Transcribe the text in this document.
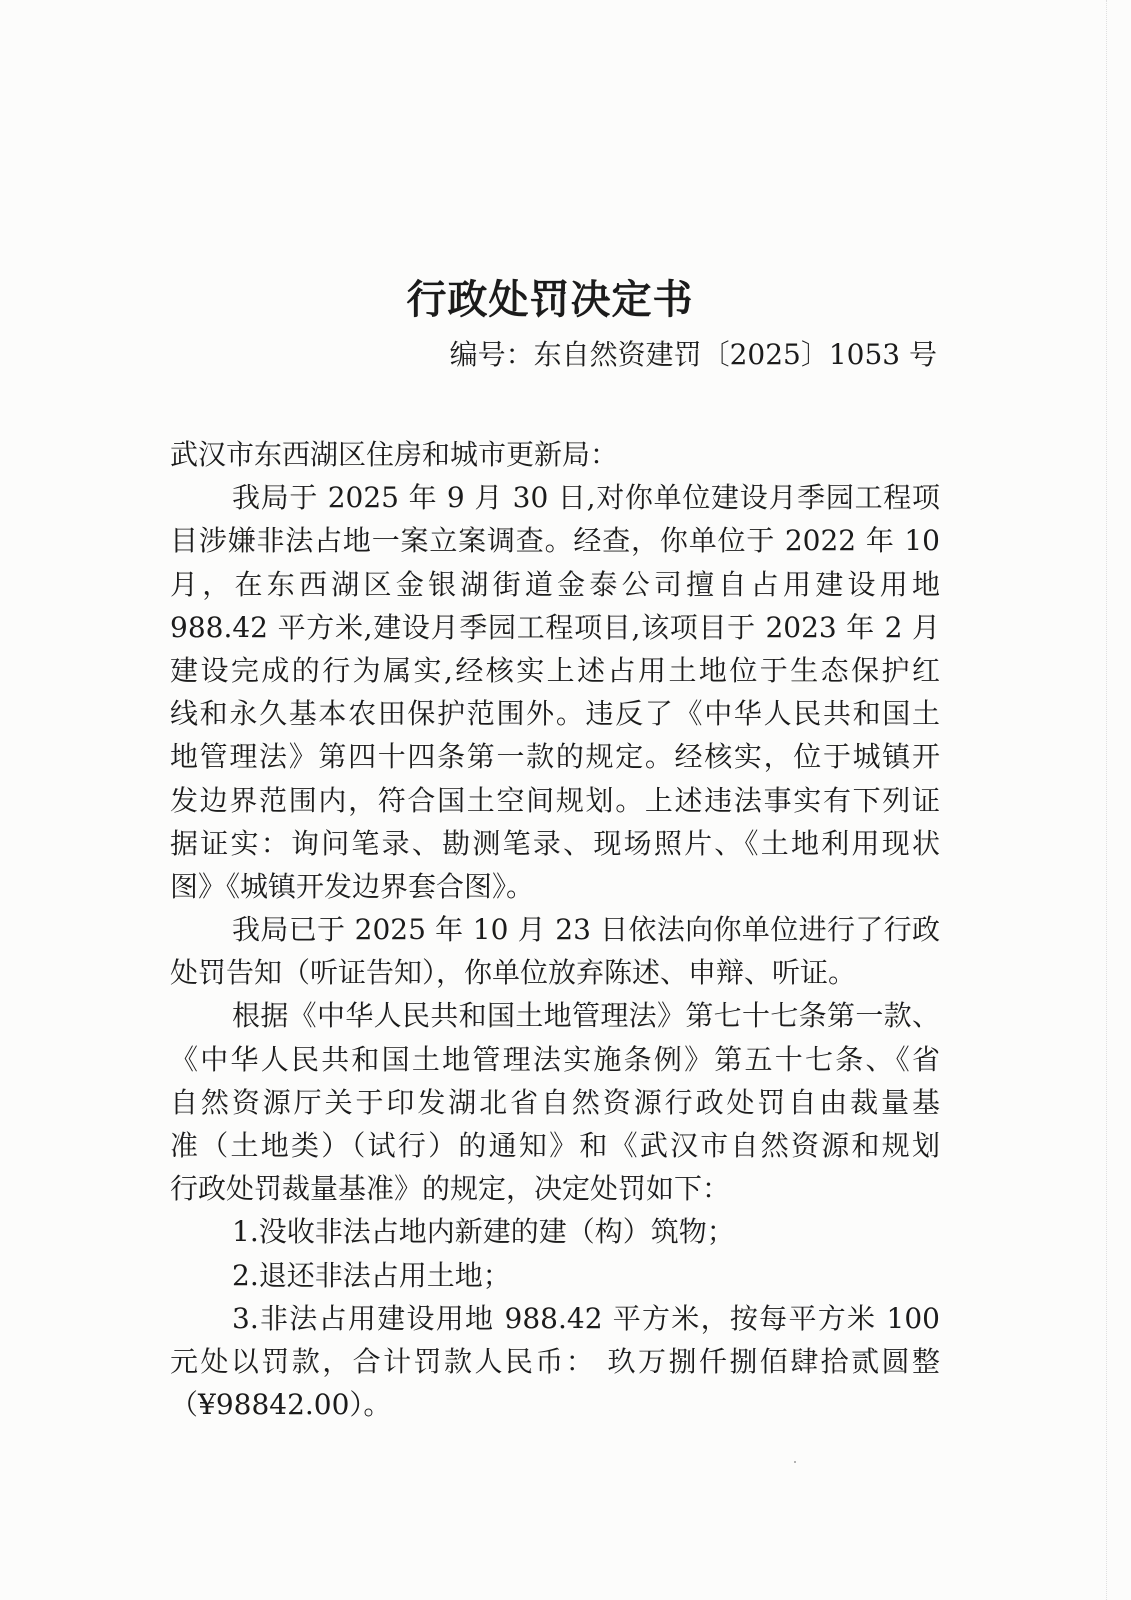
行政处罚决定书
编号：东自然资建罚〔2025〕1053 号
武汉市东西湖区住房和城市更新局：
我局于 2025 年 9 月 30 日,对你单位建设月季园工程项
目涉嫌非法占地一案立案调查。经查，你单位于 2022 年 10
月，在东西湖区金银湖街道金泰公司擅自占用建设用地
988.42 平方米,建设月季园工程项目,该项目于 2023 年 2 月
建设完成的行为属实,经核实上述占用土地位于生态保护红
线和永久基本农田保护范围外。违反了《中华人民共和国土
地管理法》第四十四条第一款的规定。经核实，位于城镇开
发边界范围内，符合国土空间规划。上述违法事实有下列证
据证实：询问笔录、勘测笔录、现场照片、《土地利用现状
图》《城镇开发边界套合图》。
我局已于 2025 年 10 月 23 日依法向你单位进行了行政
处罚告知（听证告知），你单位放弃陈述、申辩、听证。
根据《中华人民共和国土地管理法》第七十七条第一款、
《中华人民共和国土地管理法实施条例》第五十七条、《省
自然资源厅关于印发湖北省自然资源行政处罚自由裁量基
准（土地类）（试行）的通知》和《武汉市自然资源和规划
行政处罚裁量基准》的规定，决定处罚如下：
1.没收非法占地内新建的建（构）筑物；
2.退还非法占用土地；
3.非法占用建设用地 988.42 平方米，按每平方米 100
元处以罚款，合计罚款人民币： 玖万捌仟捌佰肆拾贰圆整
（¥98842.00）。
